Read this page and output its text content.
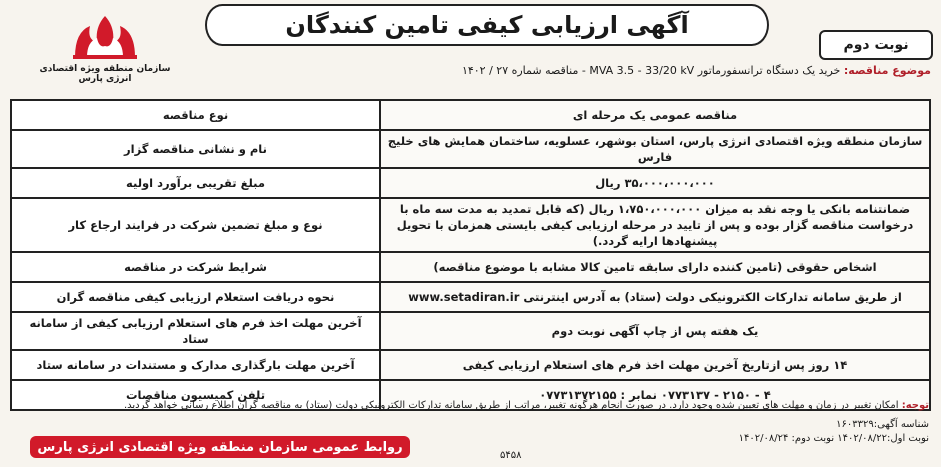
آگهی ارزیابی کیفی تامین کنندگان
نوبت دوم
سازمان منطقه ویژه اقتصادی انرژی پارس
موضوع مناقصه: خرید یک دستگاه ترانسفورماتور MVA 3.5 - 33/20 kV - مناقصه شماره ۲۷ / ۱۴۰۲
مناقصه عمومی یک مرحله ای	نوع مناقصه
سازمان منطقه ویژه اقتصادی انرژی پارس، استان بوشهر، عسلویه، ساختمان همایش های خلیج فارس	نام و نشانی مناقصه گزار
۳۵،۰۰۰،۰۰۰،۰۰۰ ریال	مبلغ تقریبی برآورد اولیه
ضمانتنامه بانکی یا وجه نقد به میزان ۱،۷۵۰،۰۰۰،۰۰۰ ریال (که قابل تمدید به مدت سه ماه با درخواست مناقصه گزار بوده و پس از تایید در مرحله ارزیابی کیفی بایستی همزمان با تحویل پیشنهادها ارایه گردد.)	نوع و مبلغ تضمین شرکت در فرایند ارجاع کار
اشخاص حقوقی (تامین کننده دارای سابقه تامین کالا مشابه با موضوع مناقصه)	شرایط شرکت در مناقصه
از طریق سامانه تدارکات الکترونیکی دولت (ستاد) به آدرس اینترنتی www.setadiran.ir	نحوه دریافت استعلام ارزیابی کیفی مناقصه گران
یک هفته پس از چاپ آگهی نوبت دوم	آخرین مهلت اخذ فرم های استعلام ارزیابی کیفی از سامانه ستاد
۱۴ روز پس ازتاریخ آخرین مهلت اخذ فرم های استعلام ارزیابی کیفی	آخرین مهلت بارگذاری مدارک و مستندات در سامانه ستاد
۴ - ۲۱۵۰ - ۰۷۷۳۱۳۷ نمابر : ۰۷۷۳۱۳۷۲۱۵۵	تلفن کمیسیون مناقصات
توجه: امکان تغییر در زمان و مهلت های تعیین شده وجود دارد. در صورت انجام هرگونه تغییر، مراتب از طریق سامانه تدارکات الکترونیکی دولت (ستاد) به مناقصه گران اطلاع رسانی خواهد گردید.
شناسه آگهی:۱۶۰۳۳۲۹
نوبت اول:۱۴۰۲/۰۸/۲۲ نوبت دوم: ۱۴۰۲/۰۸/۲۴
روابط عمومی سازمان منطقه ویژه اقتصادی انرژی پارس
۵۴۵۸
